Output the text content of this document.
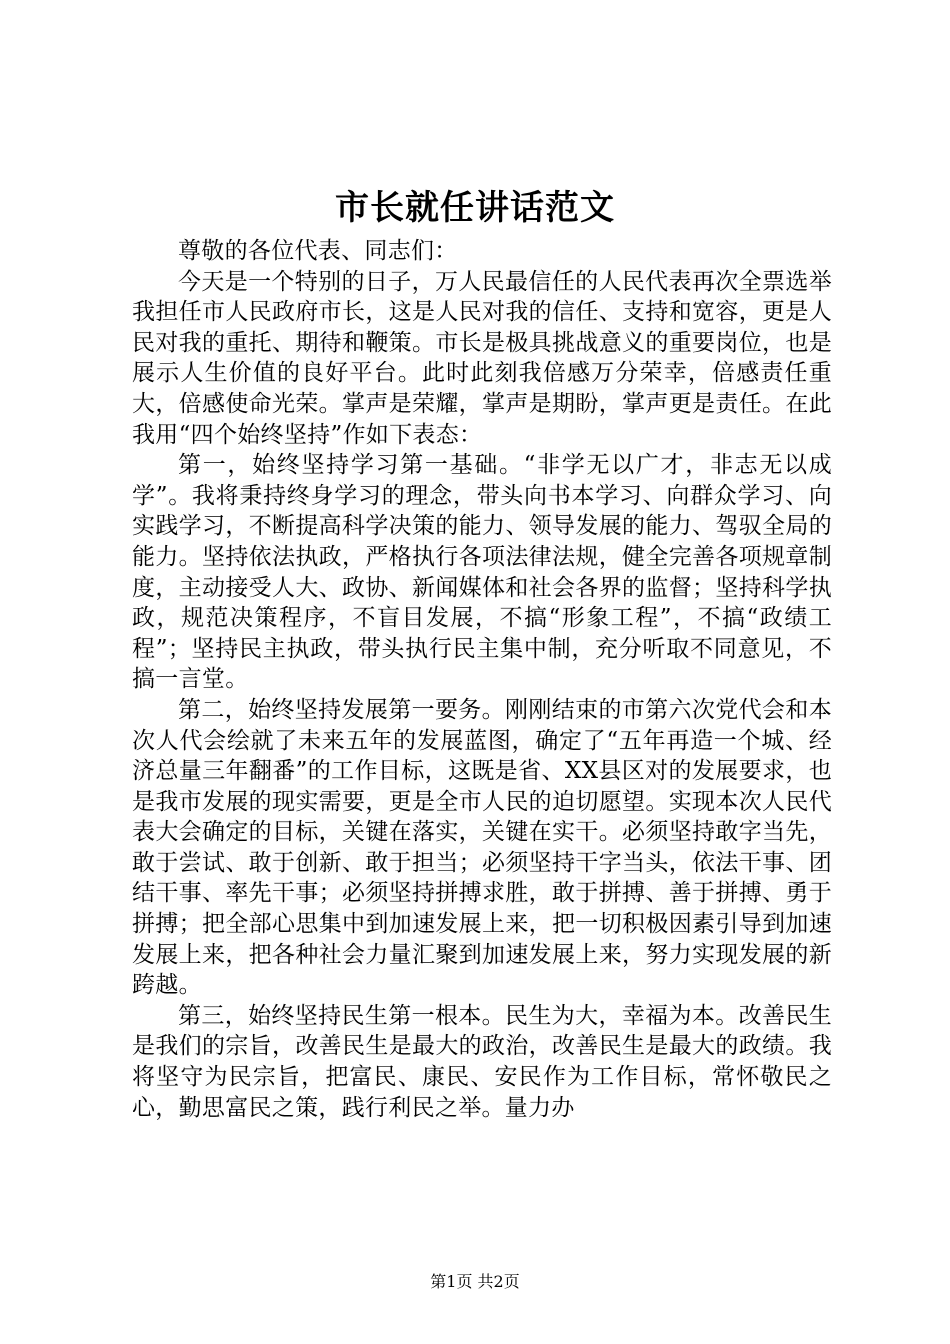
市长就任讲话范文

尊敬的各位代表、同志们：

今天是一个特别的日子，万人民最信任的人民代表再次全票选举我担任市人民政府市长，这是人民对我的信任、支持和宽容，更是人民对我的重托、期待和鞭策。市长是极具挑战意义的重要岗位，也是展示人生价值的良好平台。此时此刻我倍感万分荣幸，倍感责任重大，倍感使命光荣。掌声是荣耀，掌声是期盼，掌声更是责任。在此我用“四个始终坚持”作如下表态：

第一，始终坚持学习第一基础。“非学无以广才，非志无以成学”。我将秉持终身学习的理念，带头向书本学习、向群众学习、向实践学习，不断提高科学决策的能力、领导发展的能力、驾驭全局的能力。坚持依法执政，严格执行各项法律法规，健全完善各项规章制度，主动接受人大、政协、新闻媒体和社会各界的监督；坚持科学执政，规范决策程序，不盲目发展，不搞“形象工程”，不搞“政绩工程”；坚持民主执政，带头执行民主集中制，充分听取不同意见，不搞一言堂。

第二，始终坚持发展第一要务。刚刚结束的市第六次党代会和本次人代会绘就了未来五年的发展蓝图，确定了“五年再造一个城、经济总量三年翻番”的工作目标，这既是省、XX县区对的发展要求，也是我市发展的现实需要，更是全市人民的迫切愿望。实现本次人民代表大会确定的目标，关键在落实，关键在实干。必须坚持敢字当先，敢于尝试、敢于创新、敢于担当；必须坚持干字当头，依法干事、团结干事、率先干事；必须坚持拼搏求胜，敢于拼搏、善于拼搏、勇于拼搏；把全部心思集中到加速发展上来，把一切积极因素引导到加速发展上来，把各种社会力量汇聚到加速发展上来，努力实现发展的新跨越。

第三，始终坚持民生第一根本。民生为大，幸福为本。改善民生是我们的宗旨，改善民生是最大的政治，改善民生是最大的政绩。我将坚守为民宗旨，把富民、康民、安民作为工作目标，常怀敬民之心，勤思富民之策，践行利民之举。量力办

第1页 共2页
